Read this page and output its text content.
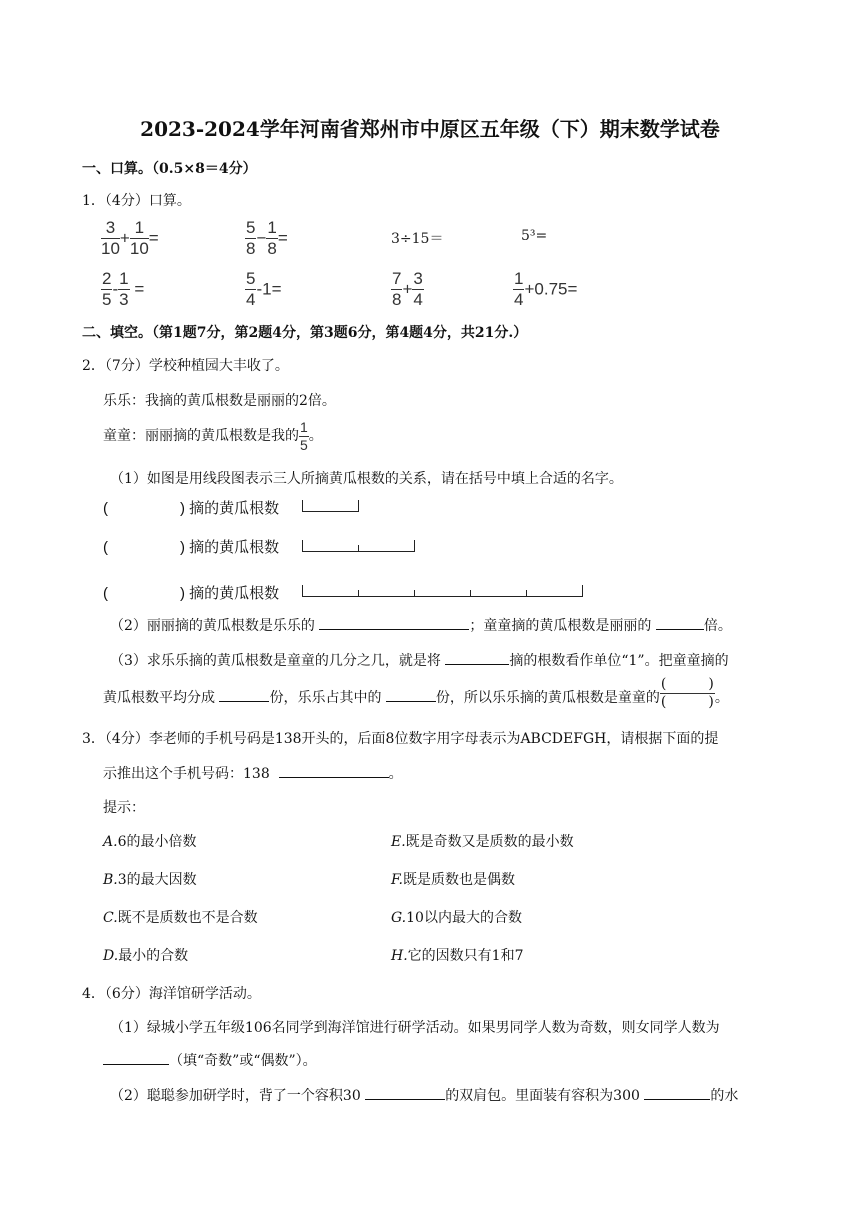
2023-2024学年河南省郑州市中原区五年级（下）期末数学试卷
一、口算。（0.5×8＝4分）
1．（4分）口算。
$\frac{3}{10} + \frac{1}{10}$ =	$\frac{5}{8} - \frac{1}{8}$ =	3÷15＝	5³=
$\frac{2}{5} - \frac{1}{3}$ =	$\frac{5}{4} -1=$	$\frac{7}{8} + \frac{3}{4}$	$\frac{1}{4} +0.75=$
二、填空。（第1题7分，第2题4分，第3题6分，第4题4分，共21分.）
2．（7分）学校种植园大丰收了。
乐乐：我摘的黄瓜根数是丽丽的2倍。
童童：丽丽摘的黄瓜根数是我的 $\frac{1}{5}$ 。
（1）如图是用线段图表示三人所摘黄瓜根数的关系，请在括号中填上合适的名字。
(	) 摘的黄瓜根数
(	) 摘的黄瓜根数
(	) 摘的黄瓜根数
（2）丽丽摘的黄瓜根数是乐乐的	；童童摘的黄瓜根数是丽丽的	倍。
（3）求乐乐摘的黄瓜根数是童童的几分之几，就是将	摘的根数看作单位“1”。把童童摘的
黄瓜根数平均分成	份，乐乐占其中的	份，所以乐乐摘的黄瓜根数是童童的 $\frac{( )}{( )}$ 。
3．（4分）李老师的手机号码是138开头的，后面8位数字用字母表示为ABCDEFGH，请根据下面的提
示推出这个手机号码：138	。
提示：
A.6的最小倍数	E.既是奇数又是质数的最小数
B.3的最大因数	F.既是质数也是偶数
C.既不是质数也不是合数	G.10以内最大的合数
D.最小的合数	H.它的因数只有1和7
4．（6分）海洋馆研学活动。
（1）绿城小学五年级106名同学到海洋馆进行研学活动。如果男同学人数为奇数，则女同学人数为
（填“奇数”或“偶数”）。
（2）聪聪参加研学时，背了一个容积30	的双肩包。里面装有容积为300	的水
